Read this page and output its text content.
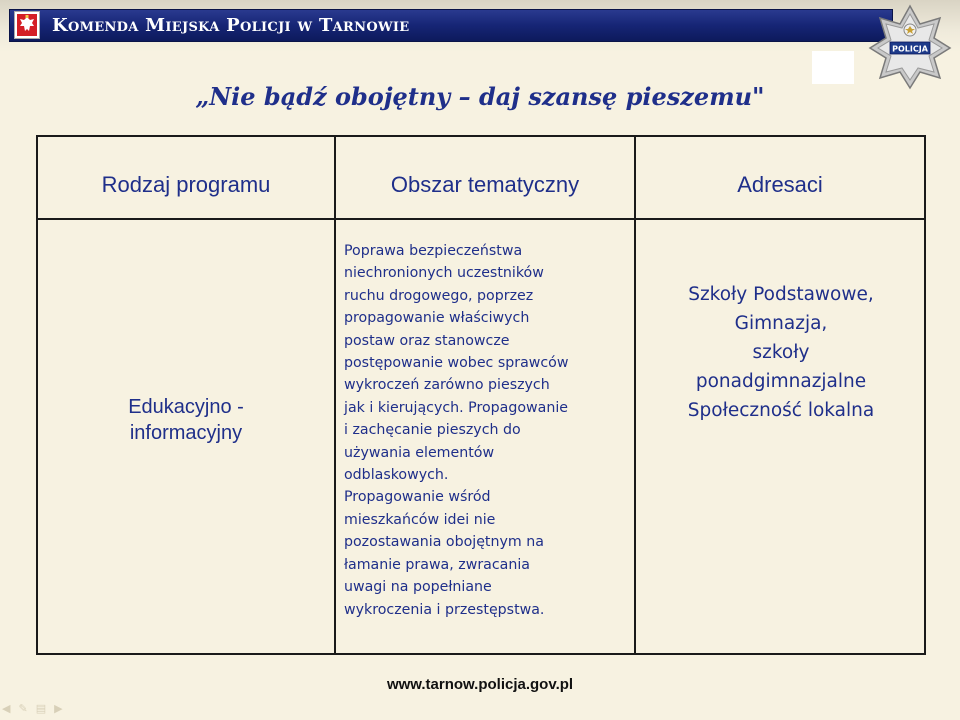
Komenda Miejska Policji w Tarnowie
POLICJA
„Nie bądź obojętny – daj szansę pieszemu"
Rodzaj programu	Obszar tematyczny	Adresaci
Edukacyjno -
informacyjny
Poprawa bezpieczeństwa
niechronionych uczestników
ruchu drogowego, poprzez
propagowanie właściwych
postaw oraz stanowcze
postępowanie wobec sprawców
wykroczeń zarówno pieszych
jak i kierujących. Propagowanie
i zachęcanie pieszych do
używania elementów
odblaskowych.
Propagowanie wśród
mieszkańców idei nie
pozostawania obojętnym na
łamanie prawa, zwracania
uwagi na popełniane
wykroczenia i przestępstwa.
Szkoły Podstawowe,
Gimnazja,
szkoły
ponadgimnazjalne
Społeczność lokalna
www.tarnow.policja.gov.pl
◀ ✎ ▤ ▶
